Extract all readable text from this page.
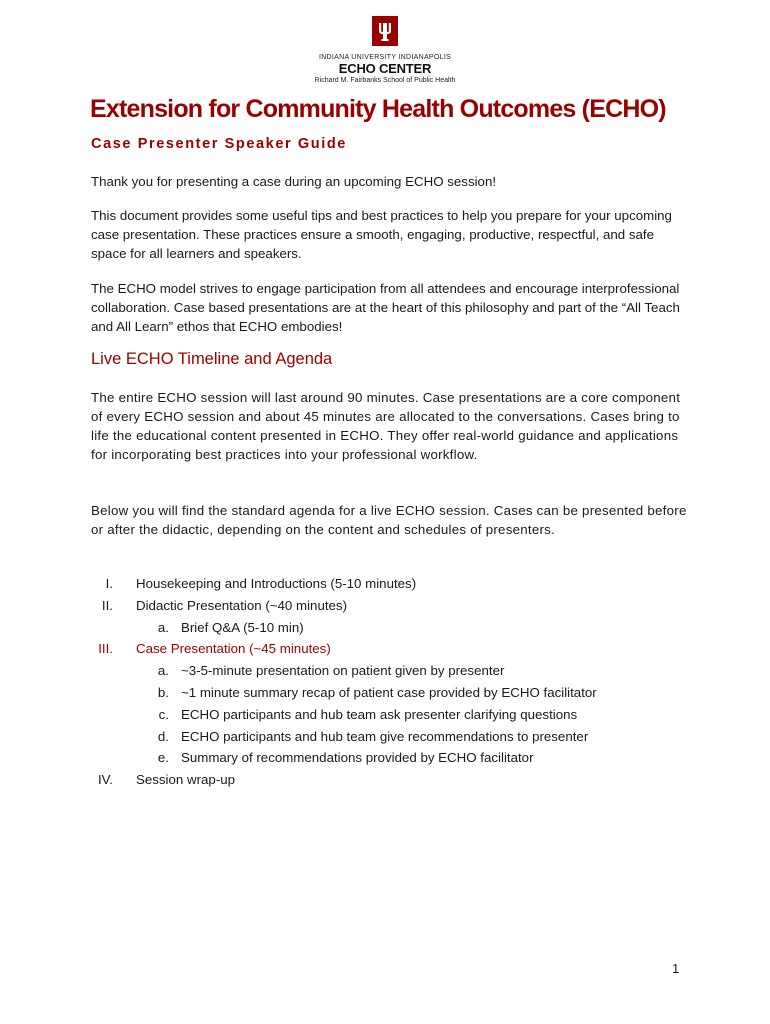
INDIANA UNIVERSITY INDIANAPOLIS
ECHO CENTER
Richard M. Fairbanks School of Public Health
Extension for Community Health Outcomes (ECHO)
Case Presenter Speaker Guide

Thank you for presenting a case during an upcoming ECHO session!

This document provides some useful tips and best practices to help you prepare for your upcoming case presentation. These practices ensure a smooth, engaging, productive, respectful, and safe space for all learners and speakers.

The ECHO model strives to engage participation from all attendees and encourage interprofessional collaboration. Case based presentations are at the heart of this philosophy and part of the “All Teach and All Learn” ethos that ECHO embodies!

Live ECHO Timeline and Agenda

The entire ECHO session will last around 90 minutes. Case presentations are a core component of every ECHO session and about 45 minutes are allocated to the conversations. Cases bring to life the educational content presented in ECHO. They offer real-world guidance and applications for incorporating best practices into your professional workflow.

Below you will find the standard agenda for a live ECHO session. Cases can be presented before or after the didactic, depending on the content and schedules of presenters.

I. Housekeeping and Introductions (5-10 minutes)
II. Didactic Presentation (~40 minutes)
a. Brief Q&A (5-10 min)
III. Case Presentation (~45 minutes)
a. ~3-5-minute presentation on patient given by presenter
b. ~1 minute summary recap of patient case provided by ECHO facilitator
c. ECHO participants and hub team ask presenter clarifying questions
d. ECHO participants and hub team give recommendations to presenter
e. Summary of recommendations provided by ECHO facilitator
IV. Session wrap-up
1
